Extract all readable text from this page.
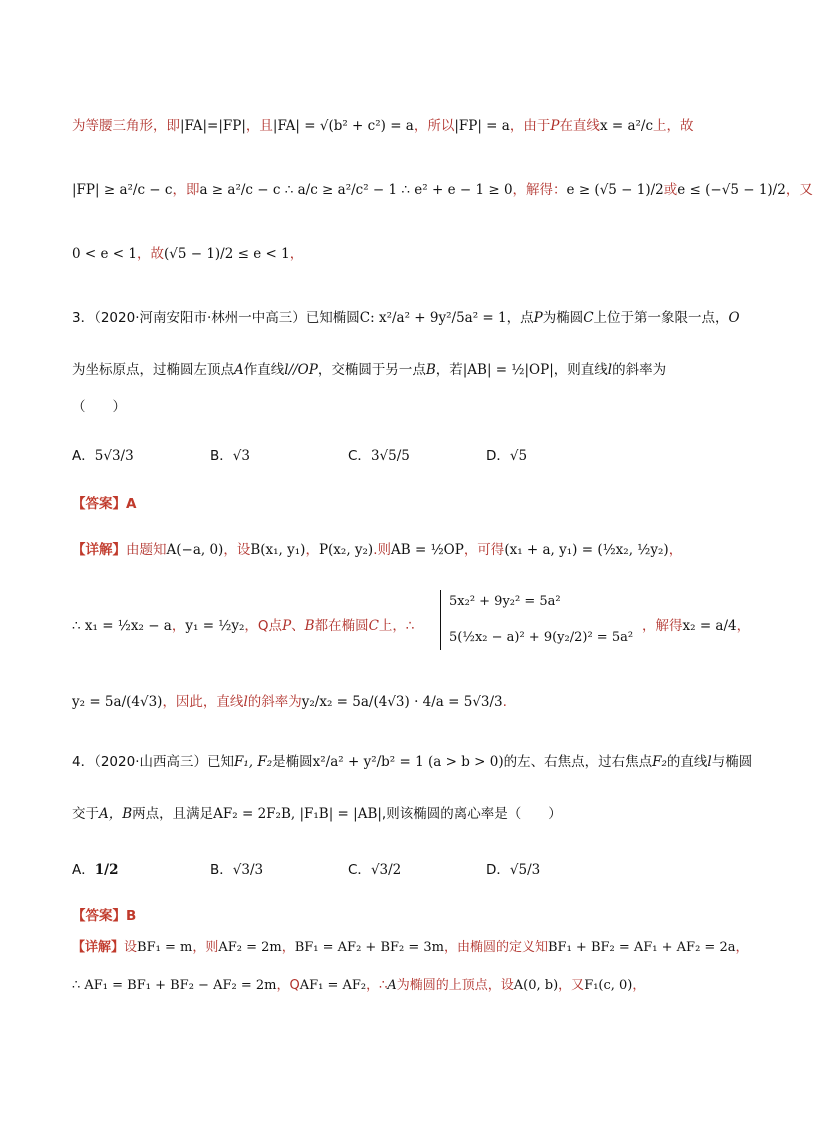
为等腰三角形，即|FA|=|FP|，且|FA| = √(b² + c²) = a，所以|FP| = a，由于P在直线x = a²/c上，故
|FP| ≥ a²/c − c，即a ≥ a²/c − c ∴ a/c ≥ a²/c² − 1 ∴ e² + e − 1 ≥ 0，解得：e ≥ (√5 − 1)/2或e ≤ (−√5 − 1)/2，又
0 < e < 1，故(√5 − 1)/2 ≤ e < 1，
3．（2020·河南安阳市·林州一中高三）已知椭圆C: x²/a² + 9y²/5a² = 1，点P为椭圆C上位于第一象限一点，O
为坐标原点，过椭圆左顶点A作直线l//OP，交椭圆于另一点B，若|AB| = ½|OP|，则直线l的斜率为
（　　）
A．5√3/3	B．√3	C．3√5/5	D．√5
【答案】A
【详解】由题知A(−a, 0)，设B(x₁, y₁)，P(x₂, y₂).则AB = ½OP，可得(x₁ + a, y₁) = (½x₂, ½y₂)，
∴ x₁ = ½x₂ − a，y₁ = ½y₂，Q点P、B都在椭圆C上，∴
5x₂² + 9y₂² = 5a²
5(½x₂ − a)² + 9(y₂/2)² = 5a²
，解得x₂ = a/4，
y₂ = 5a/(4√3)，因此，直线l的斜率为y₂/x₂ = 5a/(4√3) · 4/a = 5√3/3.
4．（2020·山西高三）已知F₁, F₂是椭圆x²/a² + y²/b² = 1 (a > b > 0)的左、右焦点，过右焦点F₂的直线l与椭圆
交于A，B两点，且满足AF₂ = 2F₂B, |F₁B| = |AB|,则该椭圆的离心率是（　　）
A．1/2	B．√3/3	C．√3/2	D．√5/3
【答案】B
【详解】设BF₁ = m，则AF₂ = 2m，BF₁ = AF₂ + BF₂ = 3m，由椭圆的定义知BF₁ + BF₂ = AF₁ + AF₂ = 2a，
∴ AF₁ = BF₁ + BF₂ − AF₂ = 2m，QAF₁ = AF₂，∴A为椭圆的上顶点，设A(0, b)，又F₁(c, 0)，
